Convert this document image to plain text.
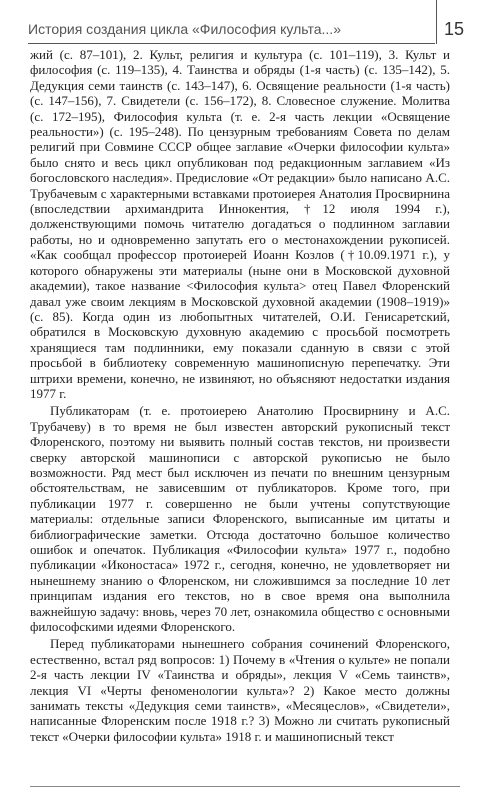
История создания цикла «Философия культа...»	15

жий (с. 87–101), 2. Культ, религия и культура (с. 101–119), 3. Культ и философия (с. 119–135), 4. Таинства и обряды (1-я часть) (с. 135–142), 5. Дедукция семи таинств (с. 143–147), 6. Освящение реальности (1-я часть) (с. 147–156), 7. Свидетели (с. 156–172), 8. Словесное служение. Молитва (с. 172–195), Философия культа (т. е. 2-я часть лекции «Освящение реальности») (с. 195–248). По цензурным требованиям Совета по делам религий при Совмине СССР общее заглавие «Очерки философии культа» было снято и весь цикл опубликован под редакционным заглавием «Из богословского наследия». Предисловие «От редакции» было написано А.С. Трубачевым с характерными вставками протоиерея Анатолия Просвирнина (впоследствии архимандрита Иннокентия, †12 июля 1994 г.), долженствующими помочь читателю догадаться о подлинном заглавии работы, но и одновременно запутать его о местонахождении рукописей. «Как сообщал профессор протоиерей Иоанн Козлов (†10.09.1971 г.), у которого обнаружены эти материалы (ныне они в Московской духовной академии), такое название <Философия культа> отец Павел Флоренский давал уже своим лекциям в Московской духовной академии (1908–1919)» (с. 85). Когда один из любопытных читателей, О.И. Генисаретский, обратился в Московскую духовную академию с просьбой посмотреть хранящиеся там подлинники, ему показали сданную в связи с этой просьбой в библиотеку современную машинописную перепечатку. Эти штрихи времени, конечно, не извиняют, но объясняют недостатки издания 1977 г.

Публикаторам (т. е. протоиерею Анатолию Просвирнину и А.С. Трубачеву) в то время не был известен авторский рукописный текст Флоренского, поэтому ни выявить полный состав текстов, ни произвести сверку авторской машинописи с авторской рукописью не было возможности. Ряд мест был исключен из печати по внешним цензурным обстоятельствам, не зависевшим от публикаторов. Кроме того, при публикации 1977 г. совершенно не были учтены сопутствующие материалы: отдельные записи Флоренского, выписанные им цитаты и библиографические заметки. Отсюда достаточно большое количество ошибок и опечаток. Публикация «Философии культа» 1977 г., подобно публикации «Иконостаса» 1972 г., сегодня, конечно, не удовлетворяет ни нынешнему знанию о Флоренском, ни сложившимся за последние 10 лет принципам издания его текстов, но в свое время она выполнила важнейшую задачу: вновь, через 70 лет, ознакомила общество с основными философскими идеями Флоренского.

Перед публикаторами нынешнего собрания сочинений Флоренского, естественно, встал ряд вопросов: 1) Почему в «Чтения о культе» не попали 2-я часть лекции IV «Таинства и обряды», лекция V «Семь таинств», лекция VI «Черты феноменологии культа»? 2) Какое место должны занимать тексты «Дедукция семи таинств», «Месяцеслов», «Свидетели», написанные Флоренским после 1918 г.? 3) Можно ли считать рукописный текст «Очерки философии культа» 1918 г. и машинописный текст
